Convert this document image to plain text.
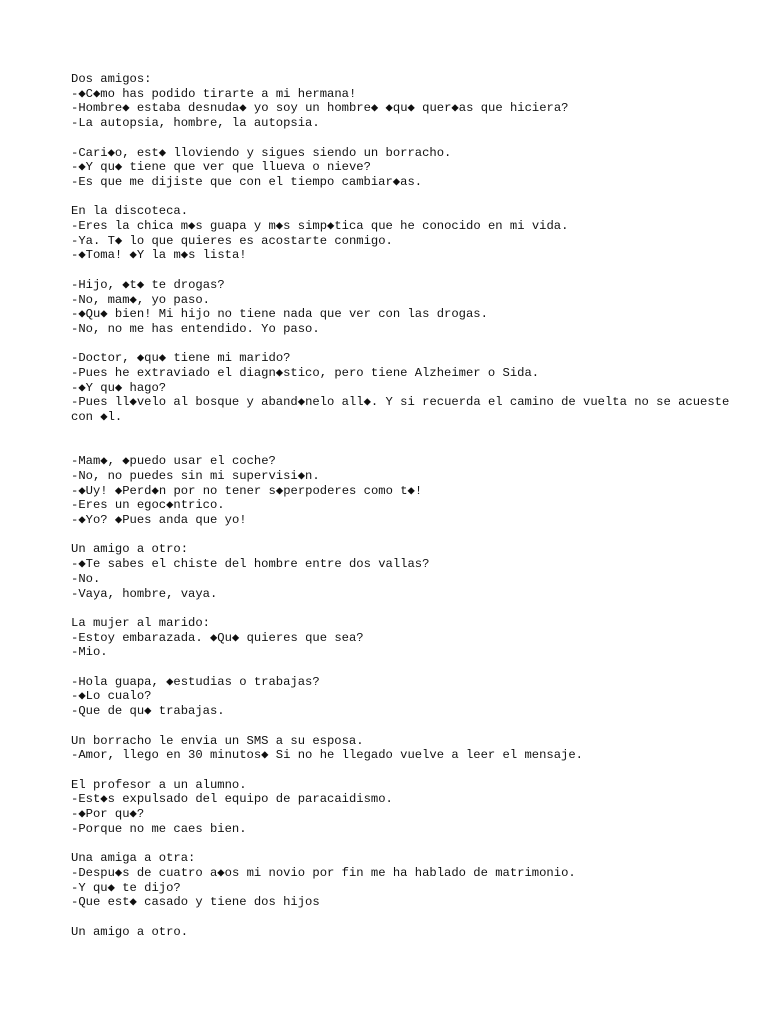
Dos amigos:
-◆C◆mo has podido tirarte a mi hermana!
-Hombre◆ estaba desnuda◆ yo soy un hombre◆ ◆qu◆ quer◆as que hiciera?
-La autopsia, hombre, la autopsia.
-Cari◆o, est◆ lloviendo y sigues siendo un borracho.
-◆Y qu◆ tiene que ver que llueva o nieve?
-Es que me dijiste que con el tiempo cambiar◆as.
En la discoteca.
-Eres la chica m◆s guapa y m◆s simp◆tica que he conocido en mi vida.
-Ya. T◆ lo que quieres es acostarte conmigo.
-◆Toma! ◆Y la m◆s lista!
-Hijo, ◆t◆ te drogas?
-No, mam◆, yo paso.
-◆Qu◆ bien! Mi hijo no tiene nada que ver con las drogas.
-No, no me has entendido. Yo paso.
-Doctor, ◆qu◆ tiene mi marido?
-Pues he extraviado el diagn◆stico, pero tiene Alzheimer o Sida.
-◆Y qu◆ hago?
-Pues ll◆velo al bosque y aband◆nelo all◆. Y si recuerda el camino de vuelta no se acueste con ◆l.
-Mam◆, ◆puedo usar el coche?
-No, no puedes sin mi supervisi◆n.
-◆Uy! ◆Perd◆n por no tener s◆perpoderes como t◆!
-Eres un egoc◆ntrico.
-◆Yo? ◆Pues anda que yo!
Un amigo a otro:
-◆Te sabes el chiste del hombre entre dos vallas?
-No.
-Vaya, hombre, vaya.
La mujer al marido:
-Estoy embarazada. ◆Qu◆ quieres que sea?
-Mio.
-Hola guapa, ◆estudias o trabajas?
-◆Lo cualo?
-Que de qu◆ trabajas.
Un borracho le envia un SMS a su esposa.
-Amor, llego en 30 minutos◆ Si no he llegado vuelve a leer el mensaje.
El profesor a un alumno.
-Est◆s expulsado del equipo de paracaidismo.
-◆Por qu◆?
-Porque no me caes bien.
Una amiga a otra:
-Despu◆s de cuatro a◆os mi novio por fin me ha hablado de matrimonio.
-Y qu◆ te dijo?
-Que est◆ casado y tiene dos hijos
Un amigo a otro.
